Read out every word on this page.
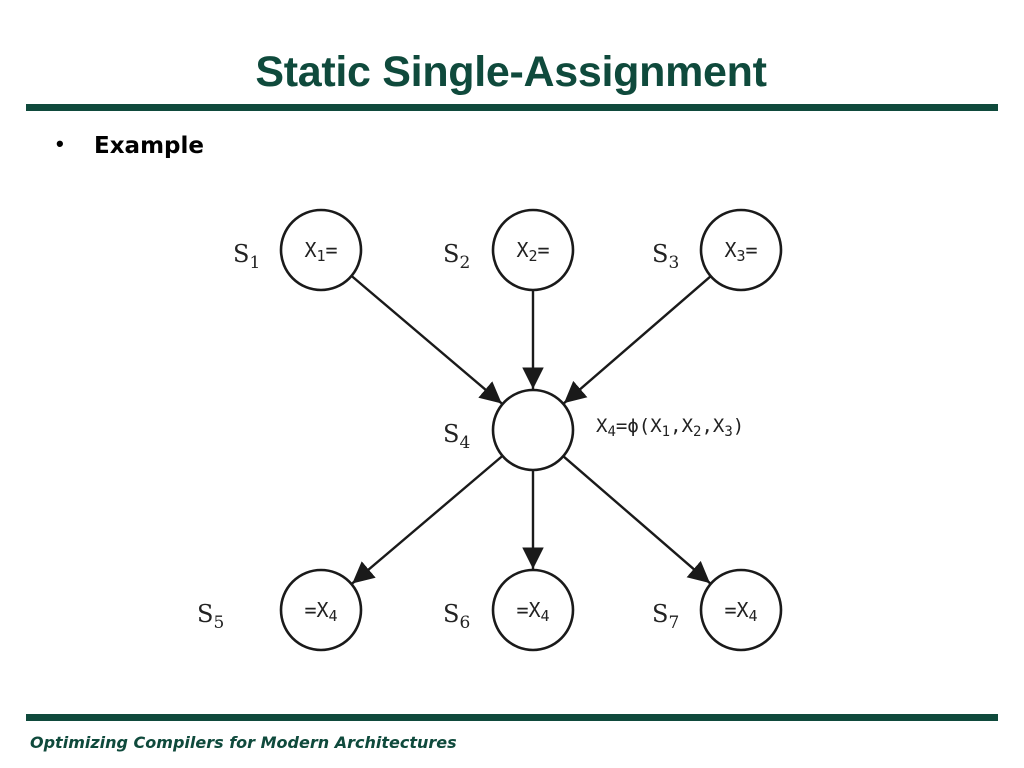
Static Single-Assignment
• Example
$X_1=$	$X_2=$	$X_3=$
$=X_4$	$=X_4$	$=X_4$
$S_1$	$S_2$	$S_3$
$S_4$
$S_5$	$S_6$	$S_7$
$X_4=\phi(X_1,X_2,X_3)$
Optimizing Compilers for Modern Architectures
